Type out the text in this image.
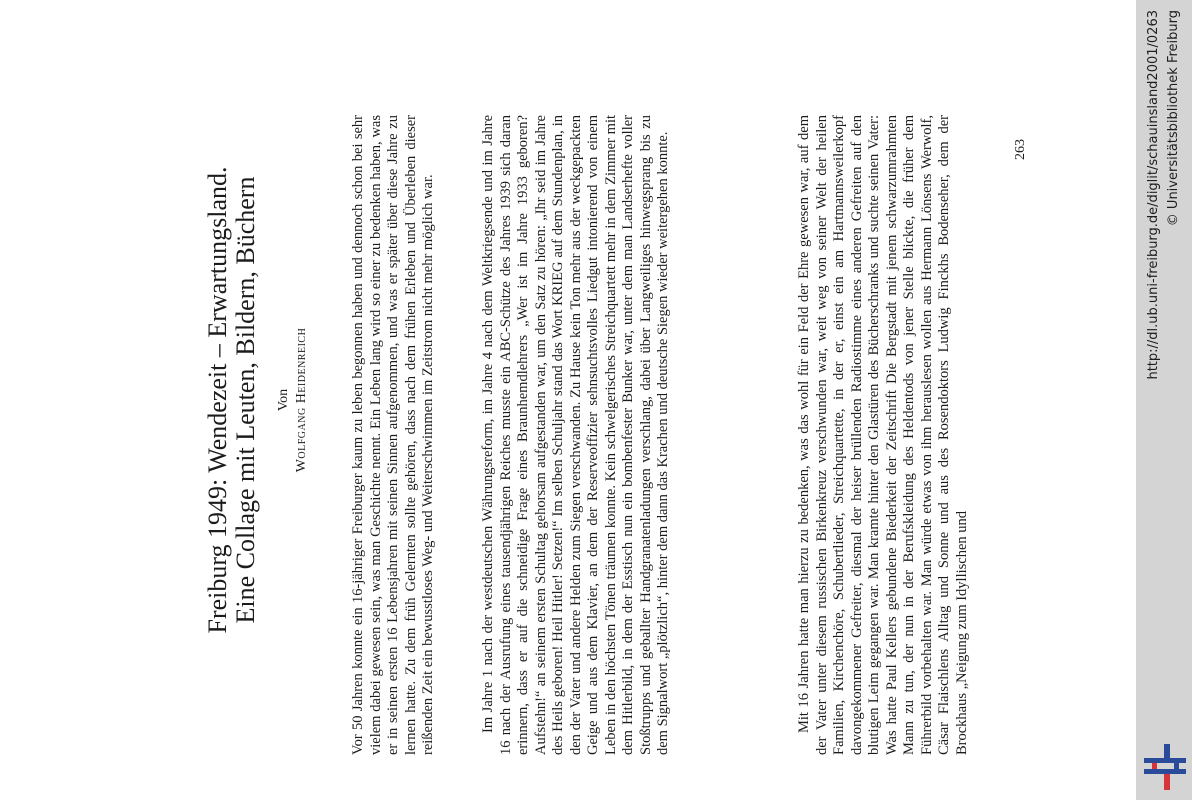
Freiburg 1949: Wendezeit – Erwartungsland. Eine Collage mit Leuten, Bildern, Büchern Von Wolfgang Heidenreich	Vor 50 Jahren konnte ein 16-jähriger Freiburger kaum zu leben begonnen haben und dennoch schon bei sehr vielem dabei gewesen sein, was man Geschichte nennt. Ein Leben lang wird so einer zu bedenken haben, was er in seinen ersten 16 Lebensjahren mit seinen Sinnen aufgenommen, und was er später über diese Jahre zu lernen hatte. Zu dem früh Gelernten sollte gehören, dass nach dem frühen Erleben und Überleben dieser reißenden Zeit ein bewusstloses Weg- und Weiterschwimmen im Zeitstrom nicht mehr möglich war.	Im Jahre 1 nach der westdeutschen Währungsreform, im Jahre 4 nach dem Weltkriegsende und im Jahre 16 nach der Ausrufung eines tausendjährigen Reiches musste ein ABC-Schütze des Jahres 1939 sich daran erinnern, dass er auf die schneidige Frage eines Braunhemdlehrers „Wer ist im Jahre 1933 geboren? Aufstehn!“ an seinem ersten Schultag gehorsam aufgestanden war, um den Satz zu hören: „Ihr seid im Jahre des Heils geboren! Heil Hitler! Setzen!“ Im selben Schuljahr stand das Wort KRIEG auf dem Stundenplan, in den der Vater und andere Helden zum Siegen verschwanden. Zu Hause kein Ton mehr aus der weckgepackten Geige und aus dem Klavier, an dem der Reserveoffizier sehnsuchtsvolles Liedgut intonierend von einem Leben in den höchsten Tönen träumen konnte. Kein schwelgerisches Streichquartett mehr in dem Zimmer mit dem Hitlerbild, in dem der Esstisch nun ein bombenfester Bunker war, unter dem man Landserhefte voller Stoßtrupps und geballter Handgranatenladungen verschlang, dabei über Langweiliges hinwegsprang bis zu dem Signalwort „plötzlich“, hinter dem dann das Krachen und deutsche Siegen wieder weitergehen konnte.	Mit 16 Jahren hatte man hierzu zu bedenken, was das wohl für ein Feld der Ehre gewesen war, auf dem der Vater unter diesem russischen Birkenkreuz verschwunden war, weit weg von seiner Welt der heilen Familien, Kirchenchöre, Schubertlieder, Streichquartette, in der er, einst ein am Hartmannsweilerkopf davongekommener Gefreiter, diesmal der heiser brüllenden Radiostimme eines anderen Gefreiten auf den blutigen Leim gegangen war. Man kramte hinter den Glastüren des Bücherschranks und suchte seinen Vater: Was hatte Paul Kellers gebundene Biederkeit der Zeitschrift Die Bergstadt mit jenem schwarzumrahmten Mann zu tun, der nun in der Berufskleidung des Heldentods von jener Stelle blickte, die früher dem Führerbild vorbehalten war. Man würde etwas von ihm herauslesen wollen aus Hermann Lönsens Werwolf, Cäsar Flaischlens Alltag und Sonne und aus des Rosendoktors Ludwig Finckhs Bodenseher, dem der Brockhaus „Neigung zum Idyllischen und
263	http://dl.ub.uni-freiburg.de/diglit/schauinsland2001/0263 © Universitätsbibliothek Freiburg
